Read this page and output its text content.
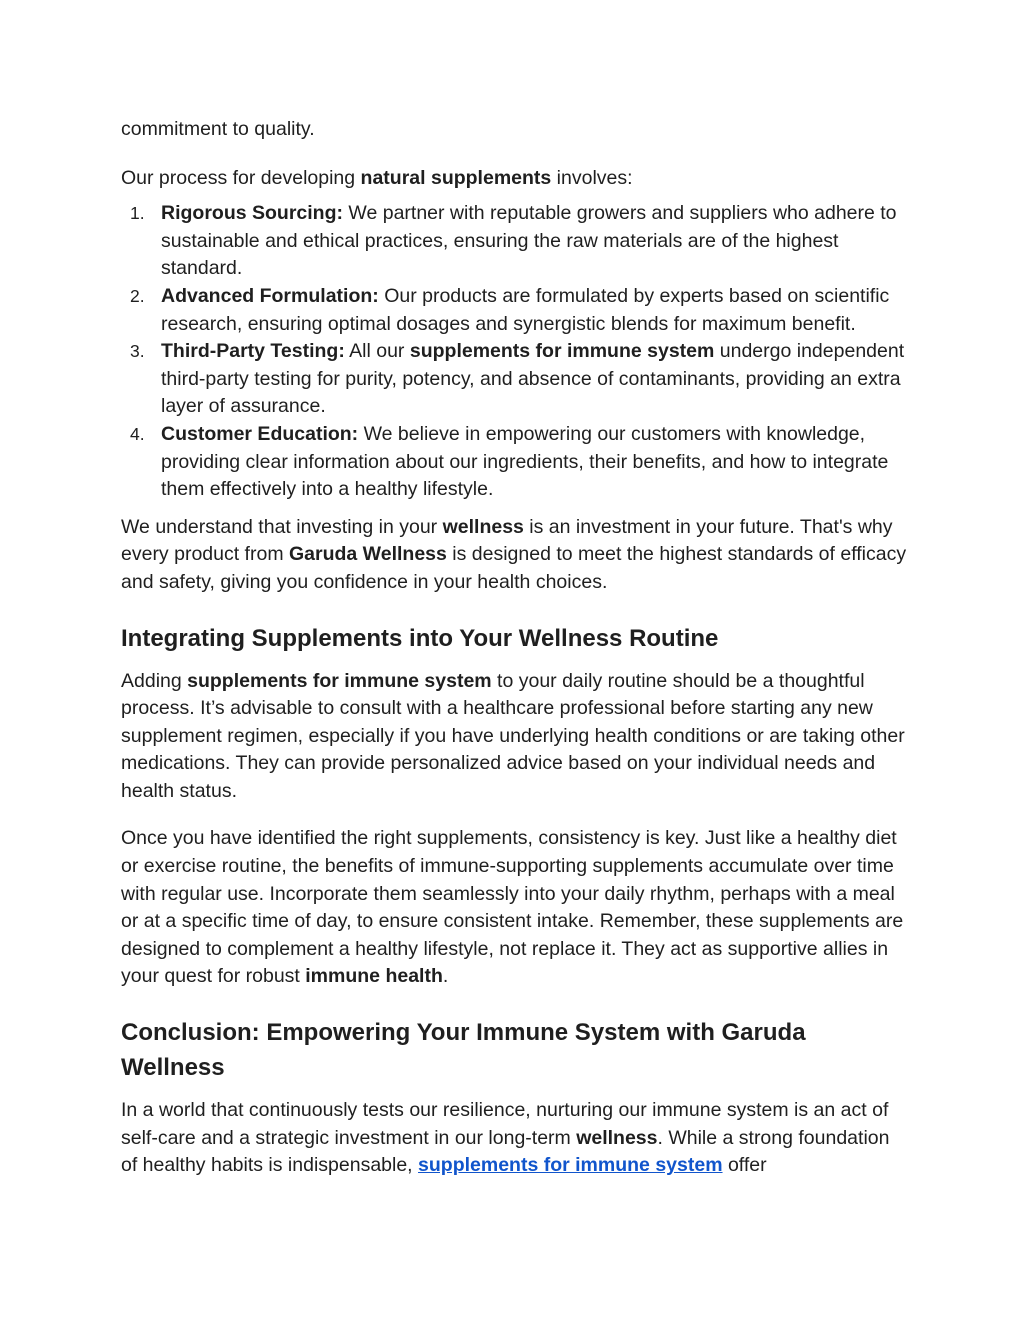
commitment to quality.

Our process for developing natural supplements involves:

1. Rigorous Sourcing: We partner with reputable growers and suppliers who adhere to sustainable and ethical practices, ensuring the raw materials are of the highest standard.
2. Advanced Formulation: Our products are formulated by experts based on scientific research, ensuring optimal dosages and synergistic blends for maximum benefit.
3. Third-Party Testing: All our supplements for immune system undergo independent third-party testing for purity, potency, and absence of contaminants, providing an extra layer of assurance.
4. Customer Education: We believe in empowering our customers with knowledge, providing clear information about our ingredients, their benefits, and how to integrate them effectively into a healthy lifestyle.

We understand that investing in your wellness is an investment in your future. That's why every product from Garuda Wellness is designed to meet the highest standards of efficacy and safety, giving you confidence in your health choices.

Integrating Supplements into Your Wellness Routine

Adding supplements for immune system to your daily routine should be a thoughtful process. It’s advisable to consult with a healthcare professional before starting any new supplement regimen, especially if you have underlying health conditions or are taking other medications. They can provide personalized advice based on your individual needs and health status.

Once you have identified the right supplements, consistency is key. Just like a healthy diet or exercise routine, the benefits of immune-supporting supplements accumulate over time with regular use. Incorporate them seamlessly into your daily rhythm, perhaps with a meal or at a specific time of day, to ensure consistent intake. Remember, these supplements are designed to complement a healthy lifestyle, not replace it. They act as supportive allies in your quest for robust immune health.

Conclusion: Empowering Your Immune System with Garuda Wellness

In a world that continuously tests our resilience, nurturing our immune system is an act of self-care and a strategic investment in our long-term wellness. While a strong foundation of healthy habits is indispensable, supplements for immune system offer
